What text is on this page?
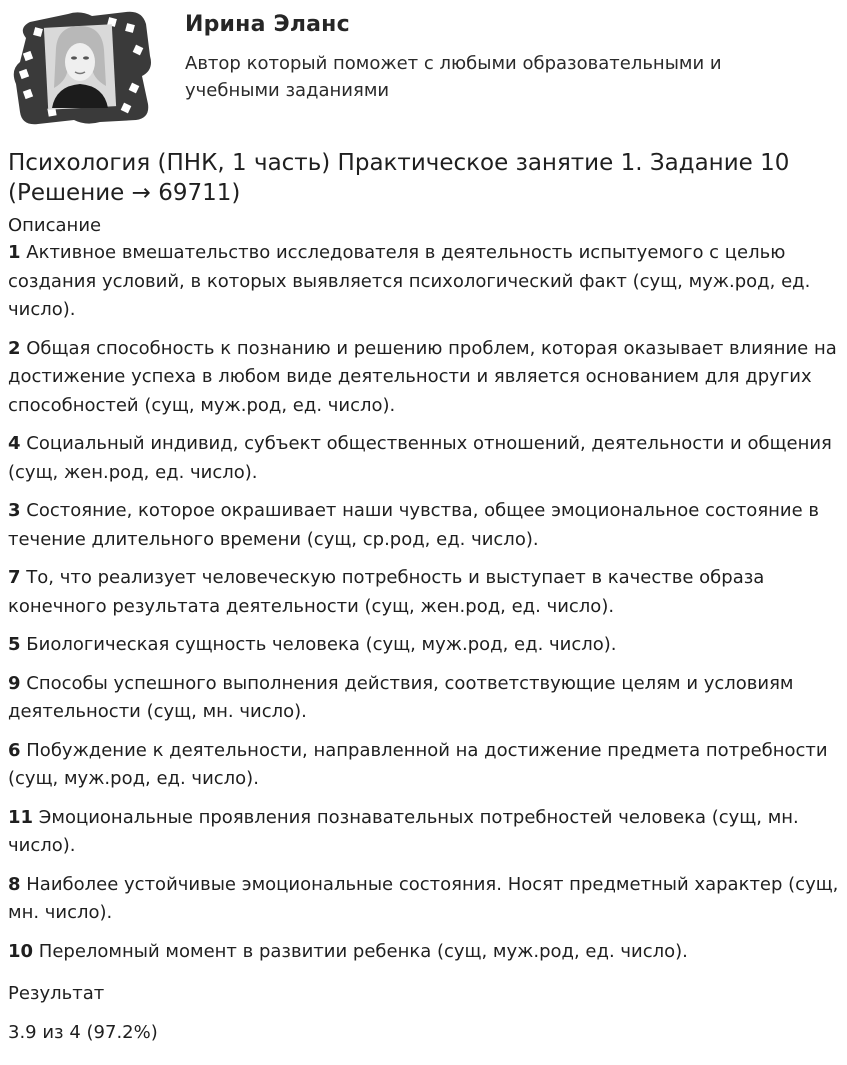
Ирина Эланс
Автор который поможет с любыми образовательными и учебными заданиями
Психология (ПНК, 1 часть) Практическое занятие 1. Задание 10 (Решение → 69711)

Описание

1 Активное вмешательство исследователя в деятельность испытуемого с целью создания условий, в которых выявляется психологический факт (сущ, муж.род, ед. число).

2 Общая способность к познанию и решению проблем, которая оказывает влияние на достижение успеха в любом виде деятельности и является основанием для других способностей (сущ, муж.род, ед. число).

4 Социальный индивид, субъект общественных отношений, деятельности и общения (сущ, жен.род, ед. число).

3 Состояние, которое окрашивает наши чувства, общее эмоциональное состояние в течение длительного времени (сущ, ср.род, ед. число).

7 То, что реализует человеческую потребность и выступает в качестве образа конечного результата деятельности (сущ, жен.род, ед. число).

5 Биологическая сущность человека (сущ, муж.род, ед. число).

9 Способы успешного выполнения действия, соответствующие целям и условиям деятельности (сущ, мн. число).

6 Побуждение к деятельности, направленной на достижение предмета потребности (сущ, муж.род, ед. число).

11 Эмоциональные проявления познавательных потребностей человека (сущ, мн. число).

8 Наиболее устойчивые эмоциональные состояния. Носят предметный характер (сущ, мн. число).

10 Переломный момент в развитии ребенка (сущ, муж.род, ед. число).

Результат

3.9 из 4 (97.2%)
